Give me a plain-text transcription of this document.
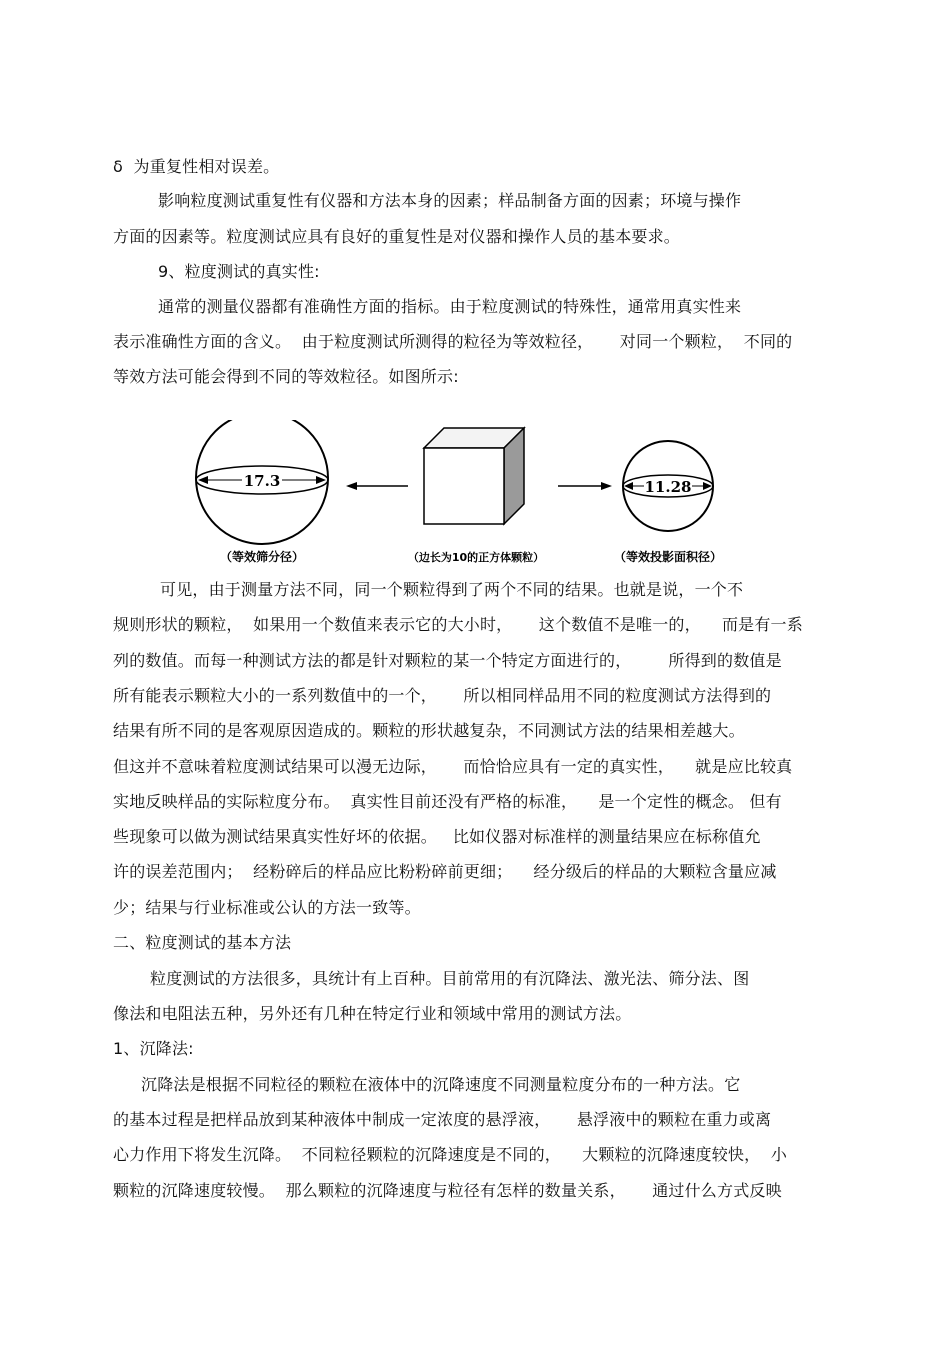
δ  为重复性相对误差。
影响粒度测试重复性有仪器和方法本身的因素；样品制备方面的因素；环境与操作
方面的因素等。粒度测试应具有良好的重复性是对仪器和操作人员的基本要求。
9、粒度测试的真实性:
通常的测量仪器都有准确性方面的指标。由于粒度测试的特殊性，通常用真实性来
表示准确性方面的含义。  由于粒度测试所测得的粒径为等效粒径，     对同一个颗粒，  不同的
等效方法可能会得到不同的等效粒径。如图所示:
17.3	11.28
（等效筛分径）	（边长为10的正方体颗粒）	（等效投影面积径）
可见，由于测量方法不同，同一个颗粒得到了两个不同的结果。也就是说，一个不
规则形状的颗粒，  如果用一个数值来表示它的大小时，     这个数值不是唯一的，    而是有一系
列的数值。而每一种测试方法的都是针对颗粒的某一个特定方面进行的，       所得到的数值是
所有能表示颗粒大小的一系列数值中的一个，     所以相同样品用不同的粒度测试方法得到的
结果有所不同的是客观原因造成的。颗粒的形状越复杂，不同测试方法的结果相差越大。
但这并不意味着粒度测试结果可以漫无边际，     而恰恰应具有一定的真实性，    就是应比较真
实地反映样品的实际粒度分布。  真实性目前还没有严格的标准，    是一个定性的概念。 但有
些现象可以做为测试结果真实性好坏的依据。   比如仪器对标准样的测量结果应在标称值允
许的误差范围内；  经粉碎后的样品应比粉粉碎前更细；    经分级后的样品的大颗粒含量应减
少；结果与行业标准或公认的方法一致等。
二、粒度测试的基本方法
粒度测试的方法很多，具统计有上百种。目前常用的有沉降法、激光法、筛分法、图
像法和电阻法五种，另外还有几种在特定行业和领域中常用的测试方法。
1、沉降法:
沉降法是根据不同粒径的颗粒在液体中的沉降速度不同测量粒度分布的一种方法。它
的基本过程是把样品放到某种液体中制成一定浓度的悬浮液，     悬浮液中的颗粒在重力或离
心力作用下将发生沉降。  不同粒径颗粒的沉降速度是不同的，    大颗粒的沉降速度较快，  小
颗粒的沉降速度较慢。  那么颗粒的沉降速度与粒径有怎样的数量关系，     通过什么方式反映
